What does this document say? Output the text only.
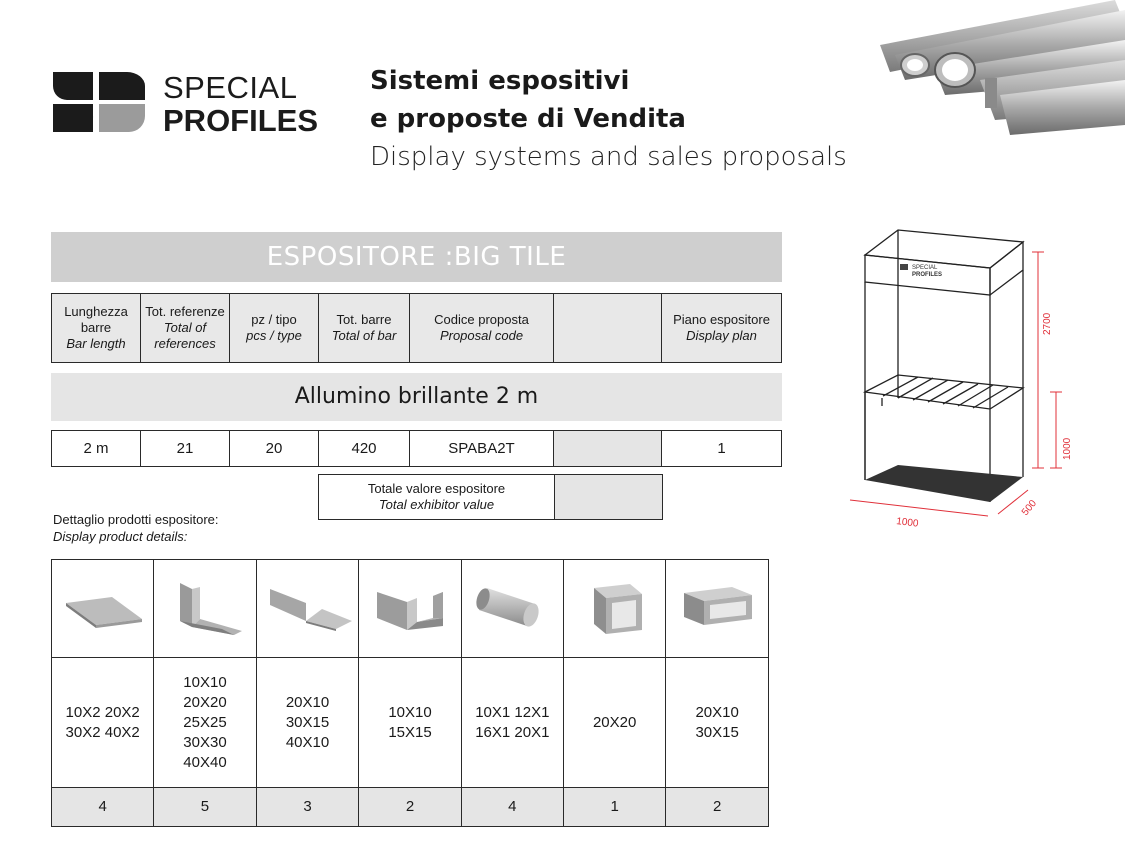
SPECIAL
PROFILES
Sistemi espositivi
e proposte di Vendita
Display systems and sales proposals
ESPOSITORE :BIG TILE
Lunghezza barre
Bar length
	Tot. referenze
Total of references
	pz / tipo
pcs / type
	Tot. barre
Total of bar
	Codice proposta
Proposal code

	Piano espositore
Display plan
Allumino brillante 2 m
2 m	21	20	420	SPABA2T		1
Totale valore espositore
Total exhibitor value	
Dettaglio prodotti espositore:
Display product details:

10X2 20X2
30X2 40X2	10X10
20X20
25X25
30X30
40X40	20X10
30X15
40X10	10X10
15X15	10X1 12X1
16X1 20X1	20X20	20X10
30X15

4	5	3	2	4	1	2
SPECIAL
PROFILES
2700
1000
1000
500
